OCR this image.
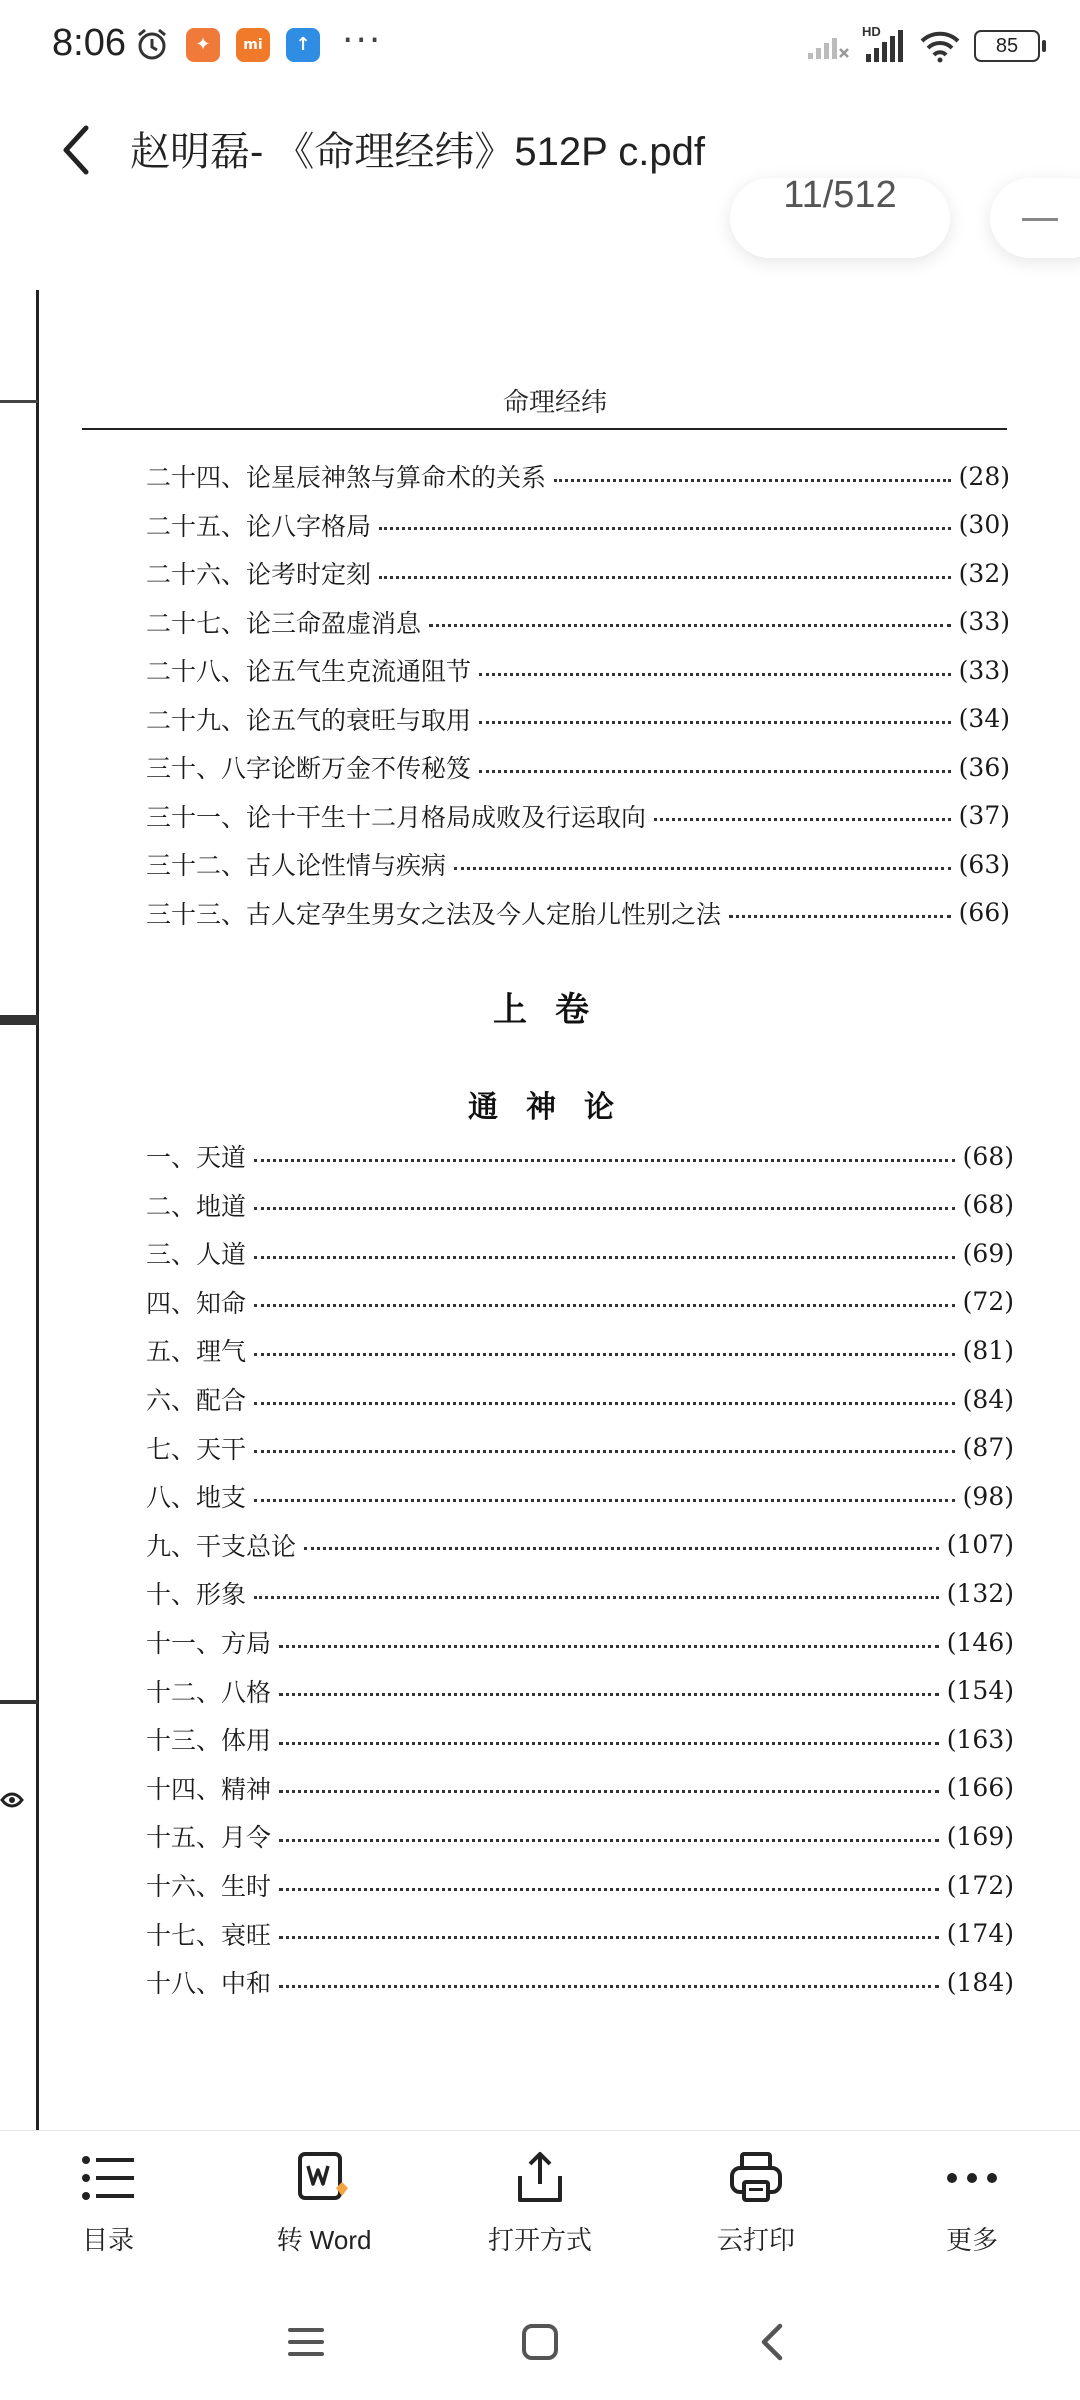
8:06	✦	mi	↑ ···	HD
85
赵明磊- 《命理经纬》512P c.pdf
11/512
命理经纬
二十四、论星辰神煞与算命术的关系	(28)
二十五、论八字格局	(30)
二十六、论考时定刻	(32)
二十七、论三命盈虚消息	(33)
二十八、论五气生克流通阻节	(33)
二十九、论五气的衰旺与取用	(34)
三十、八字论断万金不传秘笈	(36)
三十一、论十干生十二月格局成败及行运取向	(37)
三十二、古人论性情与疾病	(63)
三十三、古人定孕生男女之法及今人定胎儿性别之法	(66)
上卷
通神论
一、天道	(68)
二、地道	(68)
三、人道	(69)
四、知命	(72)
五、理气	(81)
六、配合	(84)
七、天干	(87)
八、地支	(98)
九、干支总论	(107)
十、形象	(132)
十一、方局	(146)
十二、八格	(154)
十三、体用	(163)
十四、精神	(166)
十五、月令	(169)
十六、生时	(172)
十七、衰旺	(174)
十八、中和	(184)
目录	转 Word	打开方式	云打印	更多
